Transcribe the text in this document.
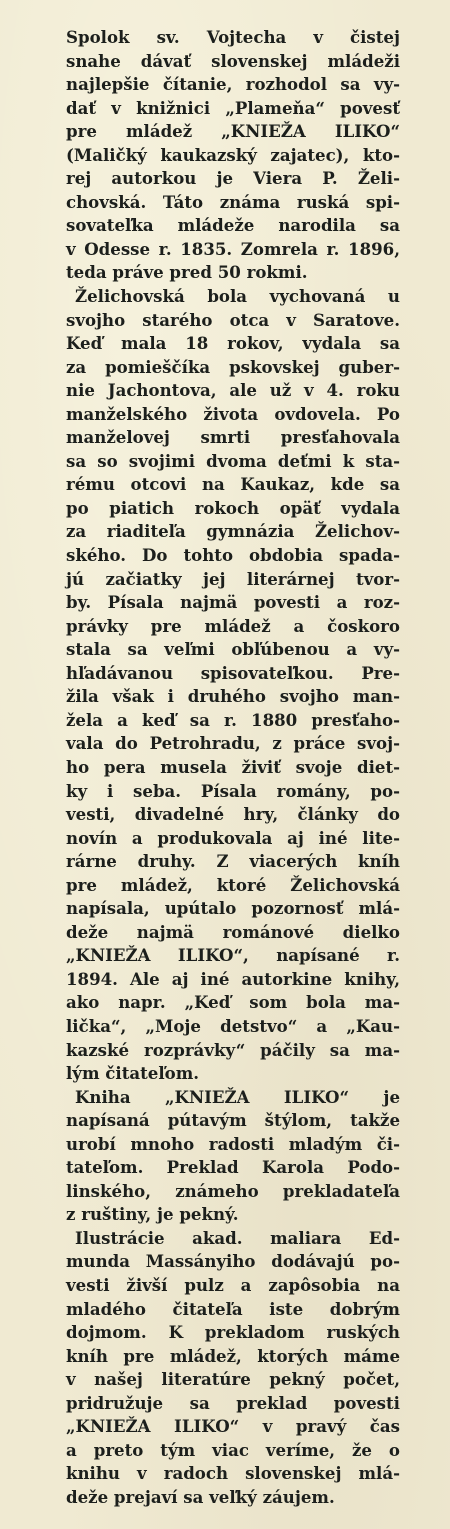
Spolok sv. Vojtecha v čistej
snahe dávať slovenskej mládeži
najlepšie čítanie, rozhodol sa vy-
dať v knižnici „Plameňa“ povesť
pre mládež „KNIEŽA ILIKO“
(Maličký kaukazský zajatec), kto-
rej autorkou je Viera P. Želi-
chovská. Táto známa ruská spi-
sovateľka mládeže narodila sa
v Odesse r. 1835. Zomrela r. 1896,
teda práve pred 50 rokmi.
Želichovská bola vychovaná u
svojho starého otca v Saratove.
Keď mala 18 rokov, vydala sa
za pomieščíka pskovskej guber-
nie Jachontova, ale už v 4. roku
manželského života ovdovela. Po
manželovej smrti presťahovala
sa so svojimi dvoma deťmi k sta-
rému otcovi na Kaukaz, kde sa
po piatich rokoch opäť vydala
za riaditeľa gymnázia Želichov-
ského. Do tohto obdobia spada-
jú začiatky jej literárnej tvor-
by. Písala najmä povesti a roz-
právky pre mládež a čoskoro
stala sa veľmi obľúbenou a vy-
hľadávanou spisovateľkou. Pre-
žila však i druhého svojho man-
žela a keď sa r. 1880 presťaho-
vala do Petrohradu, z práce svoj-
ho pera musela živiť svoje diet-
ky i seba. Písala romány, po-
vesti, divadelné hry, články do
novín a produkovala aj iné lite-
rárne druhy. Z viacerých kníh
pre mládež, ktoré Želichovská
napísala, upútalo pozornosť mlá-
deže najmä románové dielko
„KNIEŽA ILIKO“, napísané r.
1894. Ale aj iné autorkine knihy,
ako napr. „Keď som bola ma-
lička“, „Moje detstvo“ a „Kau-
kazské rozprávky“ páčily sa ma-
lým čitateľom.
Kniha „KNIEŽA ILIKO“ je
napísaná pútavým štýlom, takže
urobí mnoho radosti mladým či-
tateľom. Preklad Karola Podo-
linského, známeho prekladateľa
z ruštiny, je pekný.
Ilustrácie akad. maliara Ed-
munda Massányiho dodávajú po-
vesti živší pulz a zapôsobia na
mladého čitateľa iste dobrým
dojmom. K prekladom ruských
kníh pre mládež, ktorých máme
v našej literatúre pekný počet,
pridružuje sa preklad povesti
„KNIEŽA ILIKO“ v pravý čas
a preto tým viac veríme, že o
knihu v radoch slovenskej mlá-
deže prejaví sa veľký záujem.
